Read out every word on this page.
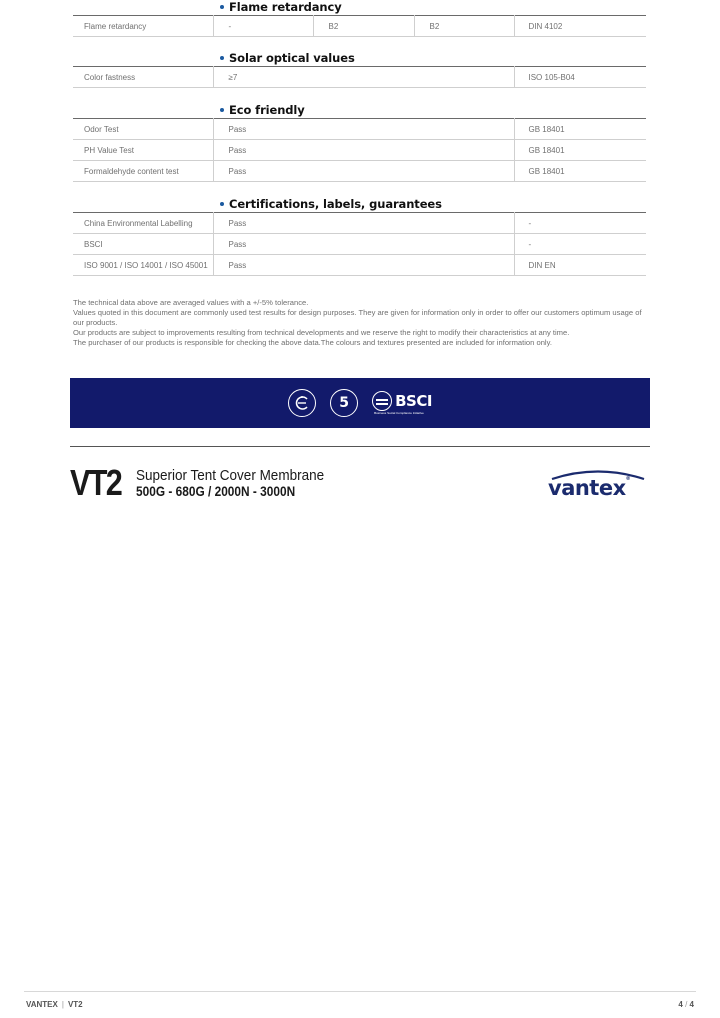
Flame retardancy
Flame retardancy	-	B2	B2	DIN 4102
Solar optical values
Color fastness	≥7	ISO 105-B04
Eco friendly
Odor Test	Pass	GB 18401
PH Value Test	Pass	GB 18401
Formaldehyde content test	Pass	GB 18401
Certifications, labels, guarantees
China Environmental Labelling	Pass	-
BSCI	Pass	-
ISO 9001 / ISO 14001 / ISO 45001	Pass	DIN EN
The technical data above are averaged values with a +/-5% tolerance.
Values quoted in this document are commonly used test results for design purposes. They are given for information only in order to offer our customers optimum usage of our products.
Our products are subject to improvements resulting from technical developments and we reserve the right to modify their characteristics at any time.
The purchaser of our products is responsible for checking the above data.The colours and textures presented are included for information only.
5	BSCI
Business Social Compliance Initiative
VT2 Superior Tent Cover Membrane
500G - 680G / 2000N - 3000N	vantex®
VANTEX | VT2	4 / 4
